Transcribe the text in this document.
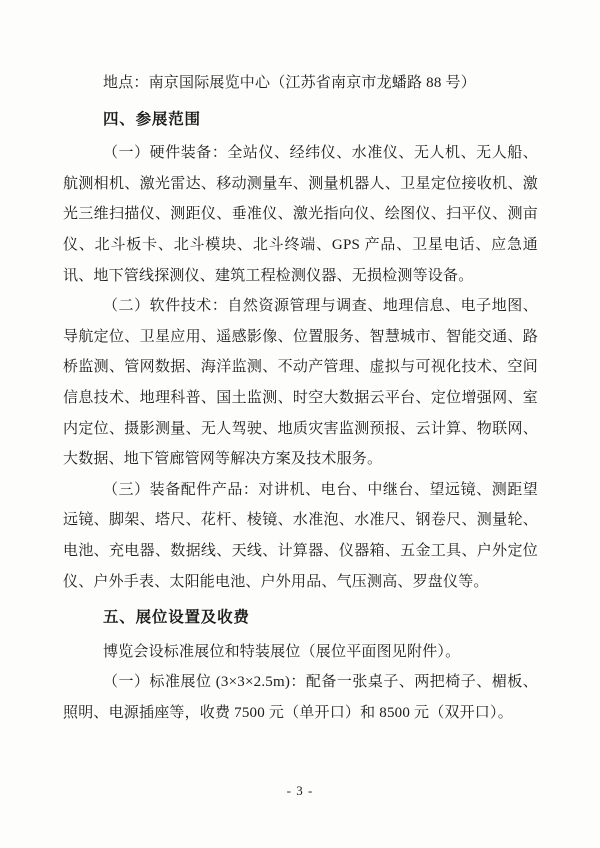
地点：南京国际展览中心（江苏省南京市龙蟠路 88 号）

四、参展范围

（一）硬件装备：全站仪、经纬仪、水准仪、无人机、无人船、航测相机、激光雷达、移动测量车、测量机器人、卫星定位接收机、激光三维扫描仪、测距仪、垂准仪、激光指向仪、绘图仪、扫平仪、测亩仪、北斗板卡、北斗模块、北斗终端、GPS 产品、卫星电话、应急通讯、地下管线探测仪、建筑工程检测仪器、无损检测等设备。

（二）软件技术：自然资源管理与调查、地理信息、电子地图、导航定位、卫星应用、遥感影像、位置服务、智慧城市、智能交通、路桥监测、管网数据、海洋监测、不动产管理、虚拟与可视化技术、空间信息技术、地理科普、国土监测、时空大数据云平台、定位增强网、室内定位、摄影测量、无人驾驶、地质灾害监测预报、云计算、物联网、大数据、地下管廊管网等解决方案及技术服务。

（三）装备配件产品：对讲机、电台、中继台、望远镜、测距望远镜、脚架、塔尺、花杆、棱镜、水准泡、水准尺、钢卷尺、测量轮、电池、充电器、数据线、天线、计算器、仪器箱、五金工具、户外定位仪、户外手表、太阳能电池、户外用品、气压测高、罗盘仪等。

五、展位设置及收费

博览会设标准展位和特装展位（展位平面图见附件）。

（一）标准展位 (3×3×2.5m)：配备一张桌子、两把椅子、楣板、照明、电源插座等，收费 7500 元（单开口）和 8500 元（双开口）。

- 3 -
